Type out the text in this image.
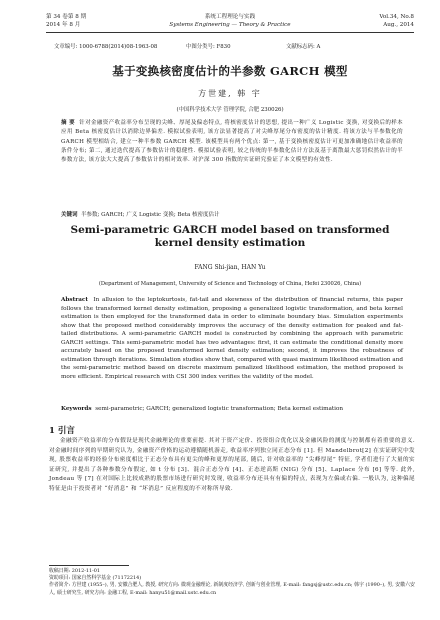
第 34 卷第 8 期	系统工程理论与实践	Vol.34, No.8
2014 年 8 月	Systems Engineering — Theory & Practice	Aug., 2014
文章编号: 1000-6788(2014)08-1963-08	中图分类号: F830	文献标志码: A
基于变换核密度估计的半参数 GARCH 模型
方世建, 韩 宇
(中国科学技术大学 管理学院, 合肥 230026)
摘 要 针对金融资产收益率分布呈现的尖峰、厚尾及偏态特点, 将核密度估计的思想, 提出一种广义 Logistic 变换, 对变换后的样本应用 Beta 核密度估计以消除边界偏差. 模拟试验表明, 该方法显著提高了对尖峰厚尾分布密度的估计精度. 将该方法与半参数化的 GARCH 模型相结合, 建立一种半参数 GARCH 模型. 该模型具有两个优点: 第一, 基于变换核密度估计可更加准确地估计收益率的条件分布; 第二, 通过迭代提高了参数估计的稳健性. 模拟试验表明, 较之传统的半参数化估计方法及基于离散最大惩罚似然估计的半参数方法, 该方法大大提高了参数估计的相对效率. 对沪深 300 指数的实证研究验证了本文模型的有效性.
关键词 半参数; GARCH; 广义 Logistic 变换; Beta 核密度估计
Semi-parametric GARCH model based on transformed kernel density estimation
FANG Shi-jian, HAN Yu
(Department of Management, University of Science and Technology of China, Hefei 230026, China)
Abstract In allusion to the leptokurtosis, fat-tail and skewness of the distribution of financial returns, this paper follows the transformed kernel density estimation, proposing a generalized logistic transformation, and beta kernel estimation is then employed for the transformed data in order to eliminate boundary bias. Simulation experiments show that the proposed method considerably improves the accuracy of the density estimation for peaked and fat-tailed distributions. A semi-parametric GARCH model is constructed by combining the approach with parametric GARCH settings. This semi-parametric model has two advantages: first, it can estimate the conditional density more accurately based on the proposed transformed kernel density estimation; second, it improves the robustness of estimation through iterations. Simulation studies show that, compared with quasi maximum likelihood estimation and the semi-parametric method based on discrete maximum penalized likelihood estimation, the method proposed is more efficient. Empirical research with CSI 300 index verifies the validity of the model.
Keywords semi-parametric; GARCH; generalized logistic transformation; Beta kernel estimation
1 引言
金融资产收益率的分布假设是现代金融理论的重要前提. 其对于资产定价、投资组合优化以及金融风险的测度与控制都有着重要的意义. 对金融时间序列的早期研究认为, 金融资产价格的运动遵循随机游走, 收益率序列独立同正态分布 [1]. 但 Mandelbrot[2] 在实证研究中发现, 股票收益率的经验分布密度相比于正态分布具有更尖的峰和更厚的尾部, 随后, 针对收益率的 “尖峰厚尾” 特征, 学者们进行了大量的实证研究, 并提出了各种参数分布假定, 如 t 分布 [3]、混合正态分布 [4]、正态逆高斯 (NIG) 分布 [5]、Laplace 分布 [6] 等等. 此外, Jondeau 等 [7] 在对国际上比较成熟的股票市场进行研究时发现, 收益率分布还具有有偏的特点, 表现为左偏或右偏. 一般认为, 这种偏尾特征是由于投资者对 “好消息” 和 “坏消息” 反应程度的不对称所导致.
收稿日期: 2012-11-01
资助项目: 国家自然科学基金 (71172214)
作者简介: 方世建 (1955–), 男, 安徽合肥人, 教授, 研究方向: 微观金融理论, 新制度经济学, 创新与创业管理, E-mail: fangsj@ustc.edu.cn; 韩宇 (1990–), 男, 安徽六安人, 硕士研究生, 研究方向: 金融工程, E-mail: hanyu51@mail.ustc.edu.cn
